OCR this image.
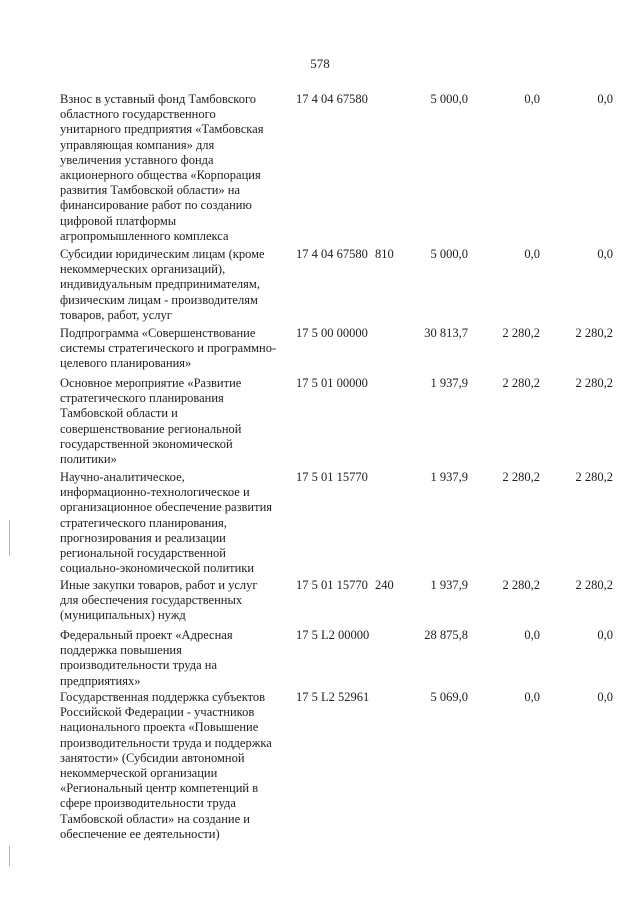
578
Взнос в уставный фонд Тамбовского
областного государственного
унитарного предприятия «Тамбовская
управляющая компания» для
увеличения уставного фонда
акционерного общества «Корпорация
развития Тамбовской области» на
финансирование работ по созданию
цифровой платформы
агропромышленного комплекса
17 4 04 67580	5 000,0	0,0	0,0
Субсидии юридическим лицам (кроме
некоммерческих организаций),
индивидуальным предпринимателям,
физическим лицам - производителям
товаров, работ, услуг
17 4 04 67580 810	5 000,0	0,0	0,0
Подпрограмма «Совершенствование
системы стратегического и программно-
целевого планирования»
17 5 00 00000	30 813,7	2 280,2	2 280,2
Основное мероприятие «Развитие
стратегического планирования
Тамбовской области и
совершенствование региональной
государственной экономической
политики»
17 5 01 00000	1 937,9	2 280,2	2 280,2
Научно-аналитическое,
информационно-технологическое и
организационное обеспечение развития
стратегического планирования,
прогнозирования и реализации
региональной государственной
социально-экономической политики
17 5 01 15770	1 937,9	2 280,2	2 280,2
Иные закупки товаров, работ и услуг
для обеспечения государственных
(муниципальных) нужд
17 5 01 15770 240	1 937,9	2 280,2	2 280,2
Федеральный проект «Адресная
поддержка повышения
производительности труда на
предприятиях»
17 5 L2 00000	28 875,8	0,0	0,0
Государственная поддержка субъектов
Российской Федерации - участников
национального проекта «Повышение
производительности труда и поддержка
занятости» (Субсидии автономной
некоммерческой организации
«Региональный центр компетенций в
сфере производительности труда
Тамбовской области» на создание и
обеспечение ее деятельности)
17 5 L2 52961	5 069,0	0,0	0,0
